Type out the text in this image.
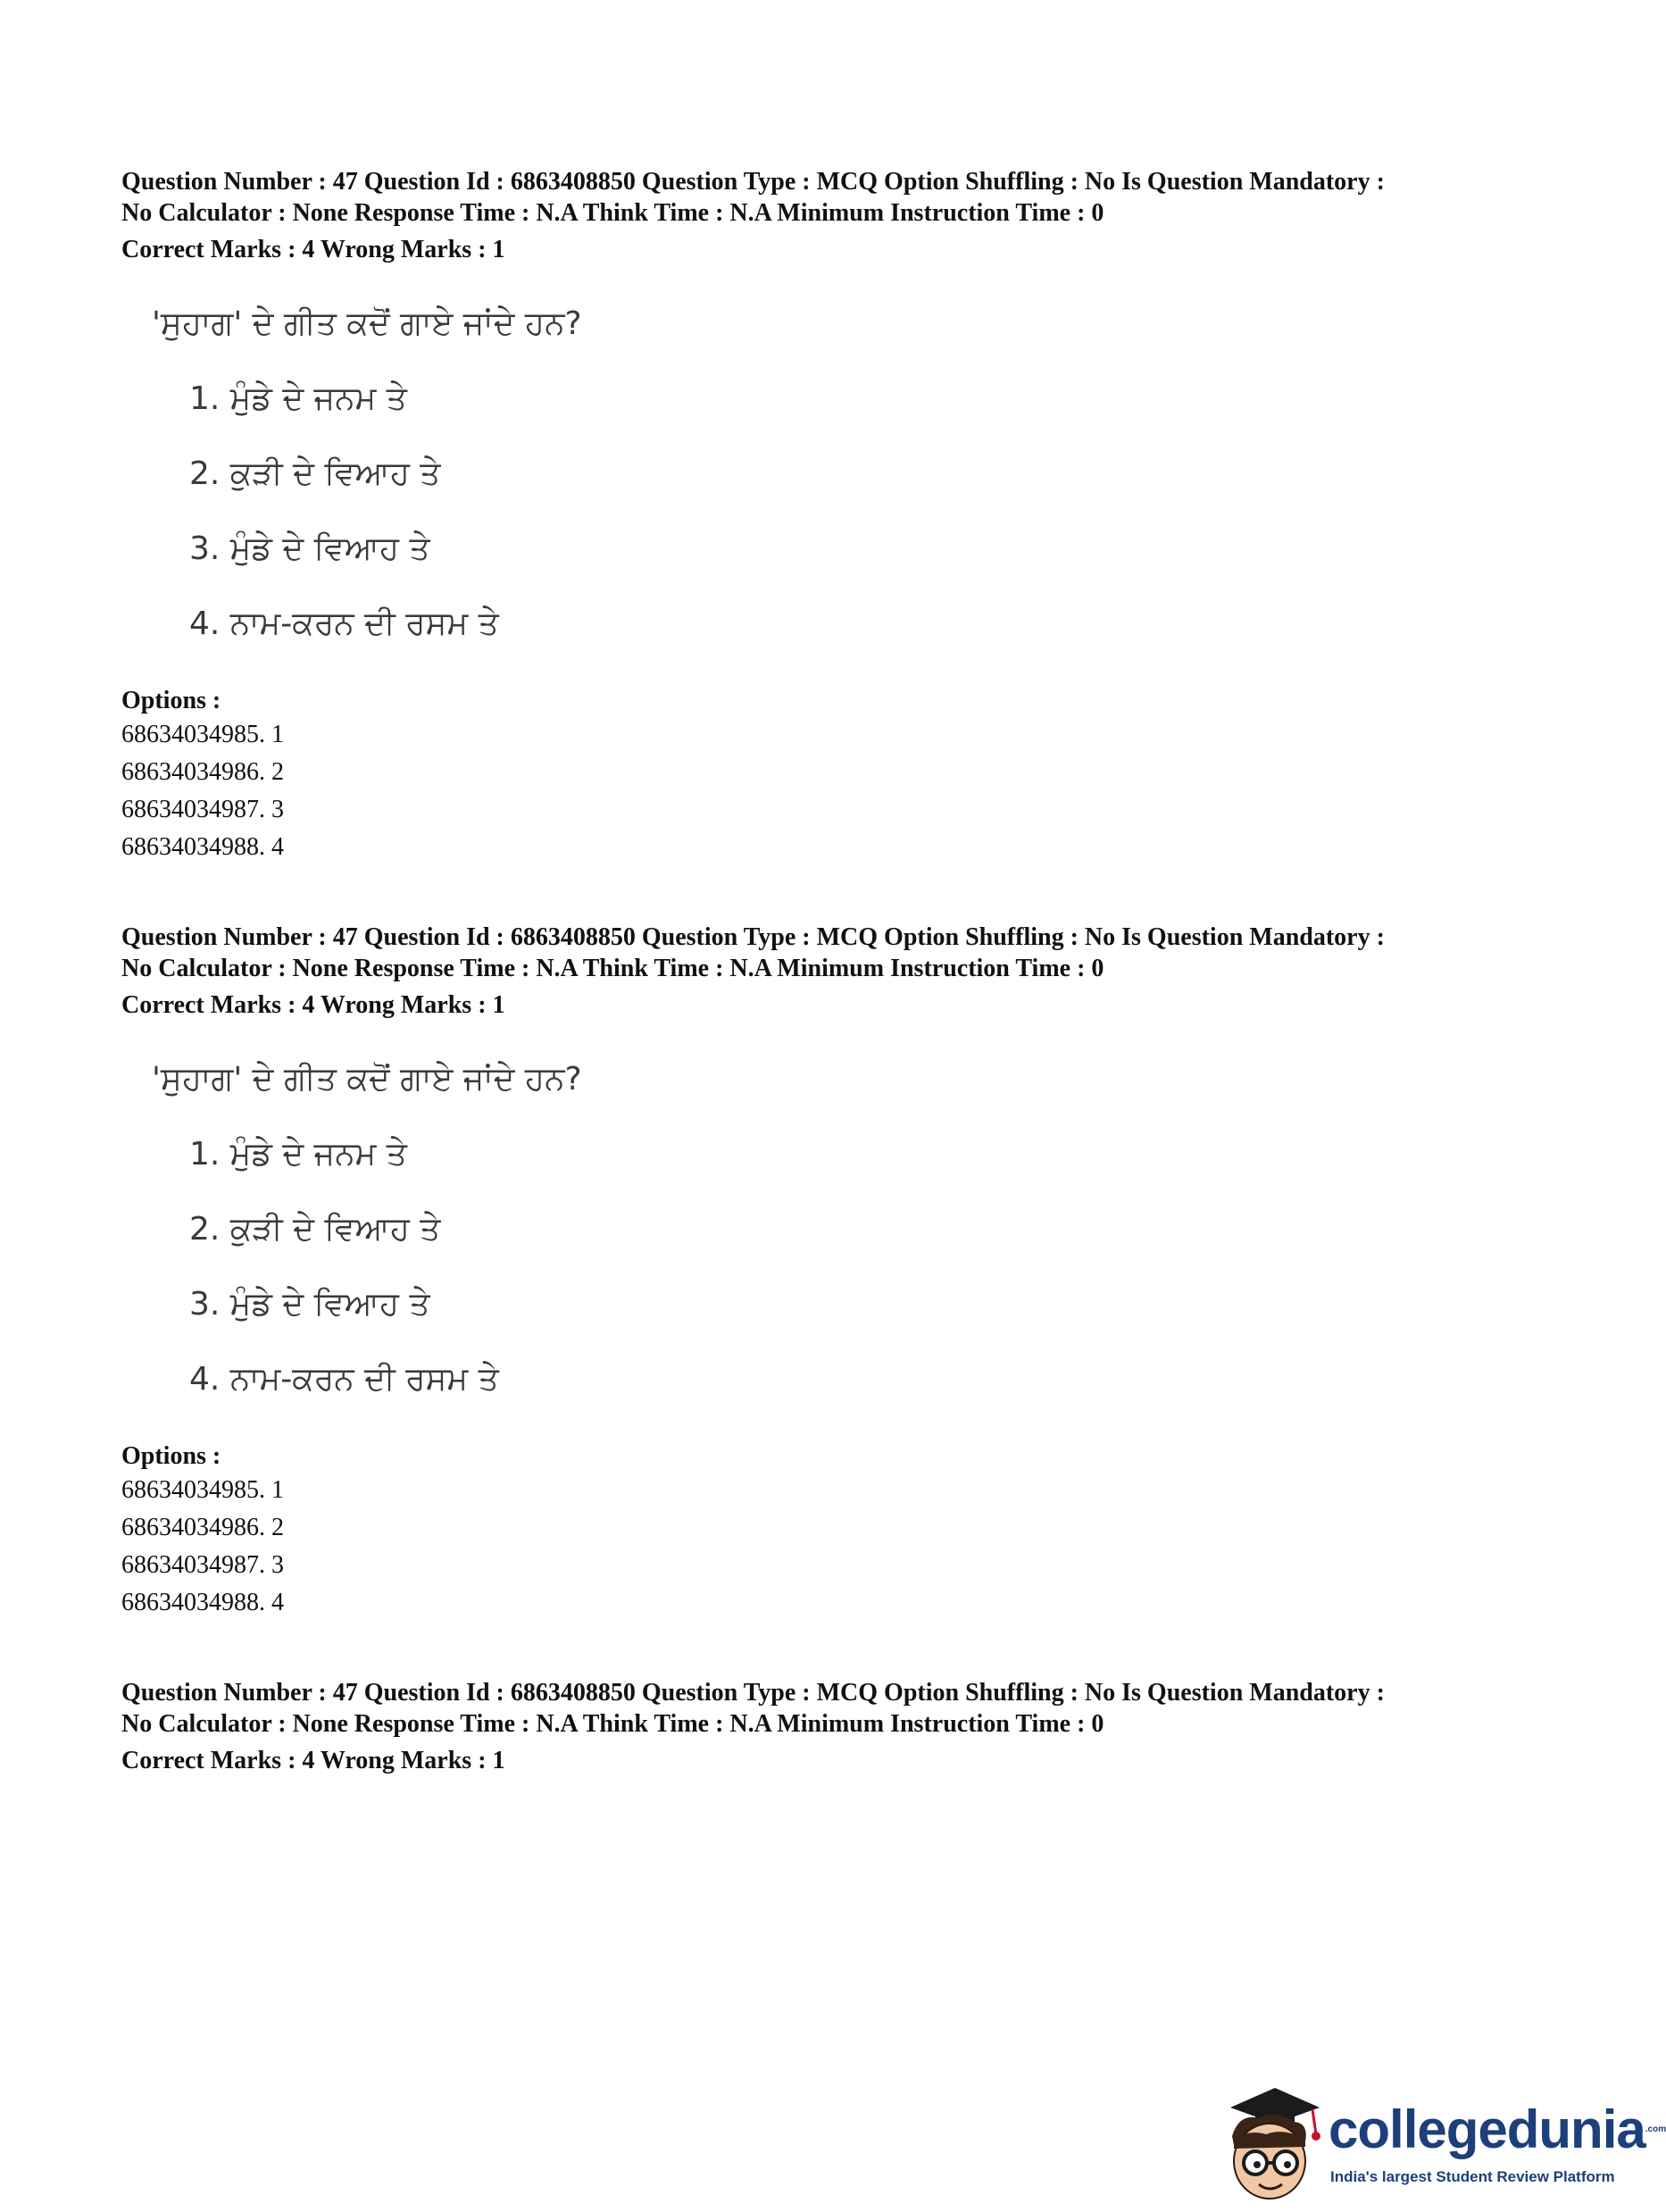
Question Number : 47 Question Id : 6863408850 Question Type : MCQ Option Shuffling : No Is Question Mandatory :

No Calculator : None Response Time : N.A Think Time : N.A Minimum Instruction Time : 0

Correct Marks : 4 Wrong Marks : 1
'ਸੁਹਾਗ' ਦੇ ਗੀਤ ਕਦੋਂ ਗਾਏ ਜਾਂਦੇ ਹਨ?
1. ਮੁੰਡੇ ਦੇ ਜਨਮ ਤੇ
2. ਕੁੜੀ ਦੇ ਵਿਆਹ ਤੇ
3. ਮੁੰਡੇ ਦੇ ਵਿਆਹ ਤੇ
4. ਨਾਮ-ਕਰਨ ਦੀ ਰਸਮ ਤੇ
Options :
68634034985. 1
68634034986. 2
68634034987. 3
68634034988. 4

Question Number : 47 Question Id : 6863408850 Question Type : MCQ Option Shuffling : No Is Question Mandatory :

No Calculator : None Response Time : N.A Think Time : N.A Minimum Instruction Time : 0

Correct Marks : 4 Wrong Marks : 1
'ਸੁਹਾਗ' ਦੇ ਗੀਤ ਕਦੋਂ ਗਾਏ ਜਾਂਦੇ ਹਨ?
1. ਮੁੰਡੇ ਦੇ ਜਨਮ ਤੇ
2. ਕੁੜੀ ਦੇ ਵਿਆਹ ਤੇ
3. ਮੁੰਡੇ ਦੇ ਵਿਆਹ ਤੇ
4. ਨਾਮ-ਕਰਨ ਦੀ ਰਸਮ ਤੇ
Options :
68634034985. 1
68634034986. 2
68634034987. 3
68634034988. 4

Question Number : 47 Question Id : 6863408850 Question Type : MCQ Option Shuffling : No Is Question Mandatory :

No Calculator : None Response Time : N.A Think Time : N.A Minimum Instruction Time : 0

Correct Marks : 4 Wrong Marks : 1
collegedunia$^{.com}$
India's largest Student Review Platform
